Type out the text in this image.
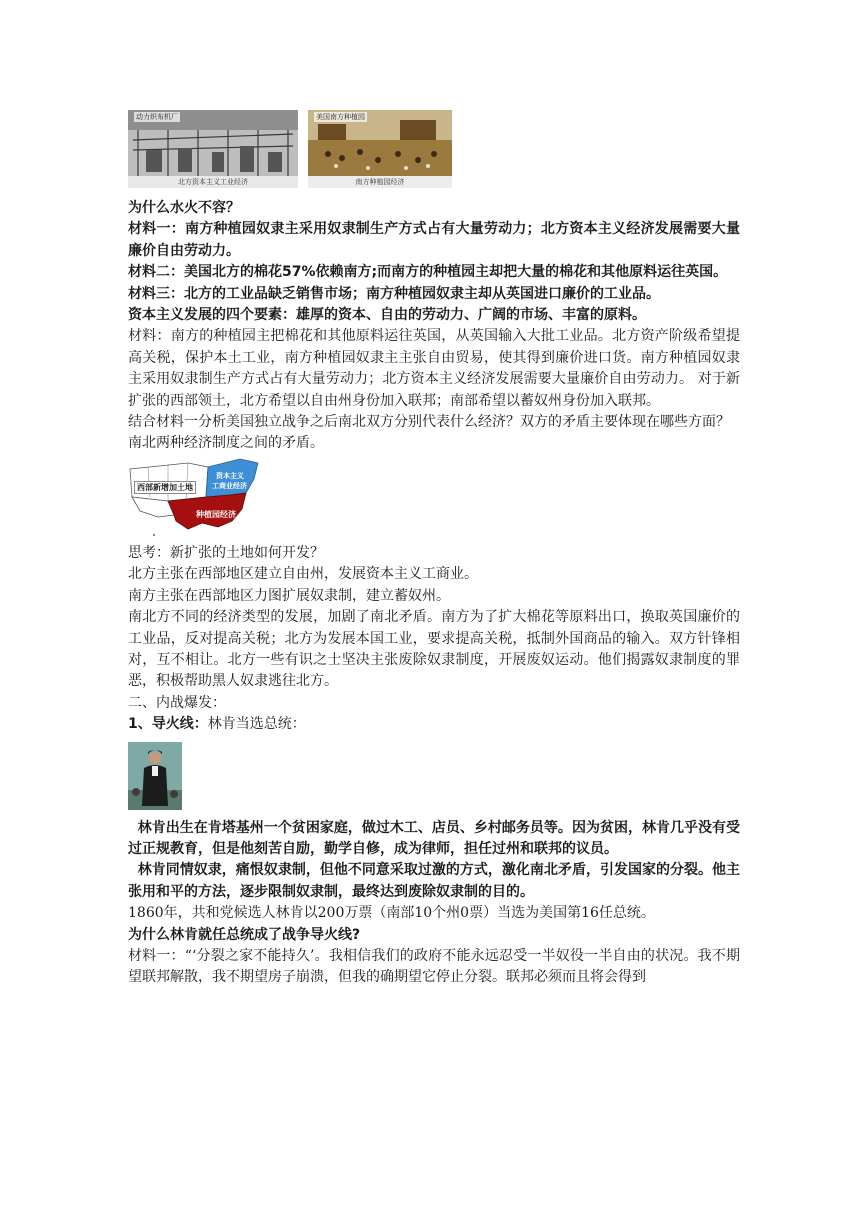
动力织布机厂
北方资本主义工业经济
美国南方种植园
南方种植园经济

为什么水火不容？

材料一：南方种植园奴隶主采用奴隶制生产方式占有大量劳动力；北方资本主义经济发展需要大量廉价自由劳动力。

材料二：美国北方的棉花57%依赖南方;而南方的种植园主却把大量的棉花和其他原料运往英国。

材料三：北方的工业品缺乏销售市场；南方种植园奴隶主却从英国进口廉价的工业品。

资本主义发展的四个要素：雄厚的资本、自由的劳动力、广阔的市场、丰富的原料。

材料：南方的种植园主把棉花和其他原料运往英国，从英国输入大批工业品。北方资产阶级希望提高关税，保护本土工业，南方种植园奴隶主主张自由贸易，使其得到廉价进口货。南方种植园奴隶主采用奴隶制生产方式占有大量劳动力；北方资本主义经济发展需要大量廉价自由劳动力。 对于新扩张的西部领土，北方希望以自由州身份加入联邦；南部希望以蓄奴州身份加入联邦。

结合材料一分析美国独立战争之后南北双方分别代表什么经济？双方的矛盾主要体现在哪些方面？

南北两种经济制度之间的矛盾。

西部新增加土地
资本主义
工商业经济
种植园经济

思考：新扩张的土地如何开发？

北方主张在西部地区建立自由州，发展资本主义工商业。

南方主张在西部地区力图扩展奴隶制，建立蓄奴州。

南北方不同的经济类型的发展，加剧了南北矛盾。南方为了扩大棉花等原料出口，换取英国廉价的工业品，反对提高关税；北方为发展本国工业，要求提高关税，抵制外国商品的输入。双方针锋相对，互不相让。北方一些有识之士坚决主张废除奴隶制度，开展废奴运动。他们揭露奴隶制度的罪恶，积极帮助黑人奴隶逃往北方。

二、内战爆发：

1、导火线：林肯当选总统：

林肯出生在肯塔基州一个贫困家庭，做过木工、店员、乡村邮务员等。因为贫困，林肯几乎没有受过正规教育，但是他刻苦自励，勤学自修，成为律师，担任过州和联邦的议员。

林肯同情奴隶，痛恨奴隶制，但他不同意采取过激的方式，激化南北矛盾，引发国家的分裂。他主张用和平的方法，逐步限制奴隶制，最终达到废除奴隶制的目的。

1860年，共和党候选人林肯以200万票（南部10个州0票）当选为美国第16任总统。

为什么林肯就任总统成了战争导火线?

材料一：“‘分裂之家不能持久’。我相信我们的政府不能永远忍受一半奴役一半自由的状况。我不期望联邦解散，我不期望房子崩溃，但我的确期望它停止分裂。联邦必须而且将会得到
